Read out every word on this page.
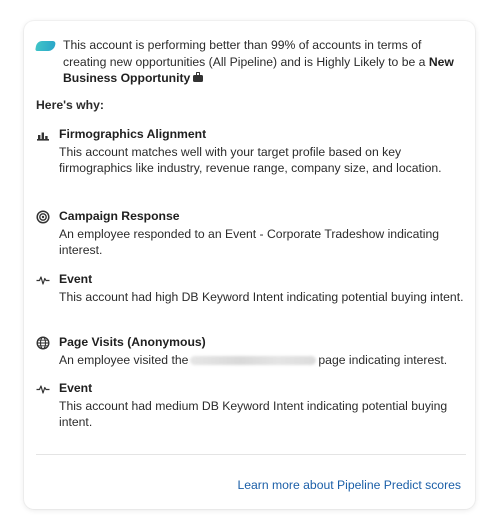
This account is performing better than 99% of accounts in terms of creating new opportunities (All Pipeline) and is Highly Likely to be a New Business Opportunity
Here's why:
Firmographics Alignment
This account matches well with your target profile based on key firmographics like industry, revenue range, company size, and location.
Campaign Response
An employee responded to an Event - Corporate Tradeshow indicating interest.
Event
This account had high DB Keyword Intent indicating potential buying intent.
Page Visits (Anonymous)
An employee visited the	page indicating interest.
Event
This account had medium DB Keyword Intent indicating potential buying intent.
Learn more about Pipeline Predict scores
